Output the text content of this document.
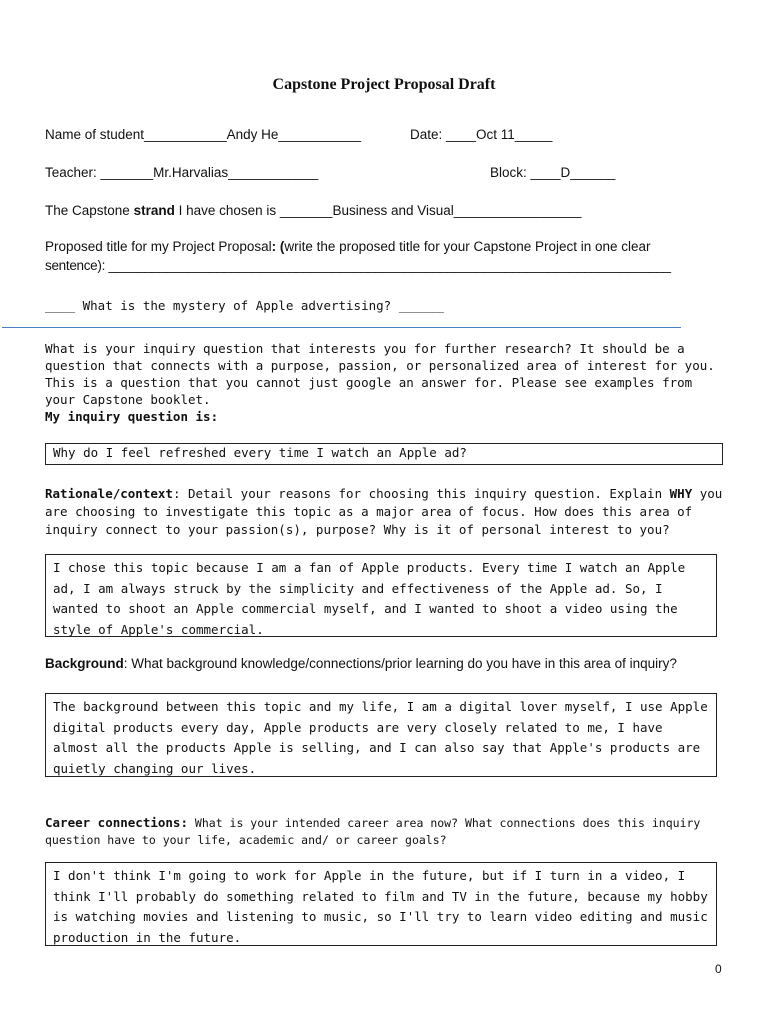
Capstone Project Proposal Draft
Name of student___________Andy He___________	Date: ____Oct 11_____
Teacher: _______Mr.Harvalias____________	Block: ____D______
The Capstone strand I have chosen is _______Business and Visual_________________
Proposed title for my Project Proposal: (write the proposed title for your Capstone Project in one clear
sentence): ______________________________________________________________________________
____ What is the mystery of Apple advertising? ______
What is your inquiry question that interests you for further research? It should be a
question that connects with a purpose, passion, or personalized area of interest for you.
This is a question that you cannot just google an answer for. Please see examples from
your Capstone booklet.
My inquiry question is:
Why do I feel refreshed every time I watch an Apple ad?
Rationale/context: Detail your reasons for choosing this inquiry question. Explain WHY you
are choosing to investigate this topic as a major area of focus. How does this area of
inquiry connect to your passion(s), purpose? Why is it of personal interest to you?
I chose this topic because I am a fan of Apple products. Every time I watch an Apple
ad, I am always struck by the simplicity and effectiveness of the Apple ad. So, I
wanted to shoot an Apple commercial myself, and I wanted to shoot a video using the
style of Apple's commercial.
Background: What background knowledge/connections/prior learning do you have in this area of inquiry?
The background between this topic and my life, I am a digital lover myself, I use Apple
digital products every day, Apple products are very closely related to me, I have
almost all the products Apple is selling, and I can also say that Apple's products are
quietly changing our lives.
Career connections: What is your intended career area now? What connections does this inquiry
question have to your life, academic and/ or career goals?
I don't think I'm going to work for Apple in the future, but if I turn in a video, I
think I'll probably do something related to film and TV in the future, because my hobby
is watching movies and listening to music, so I'll try to learn video editing and music
production in the future.
0
